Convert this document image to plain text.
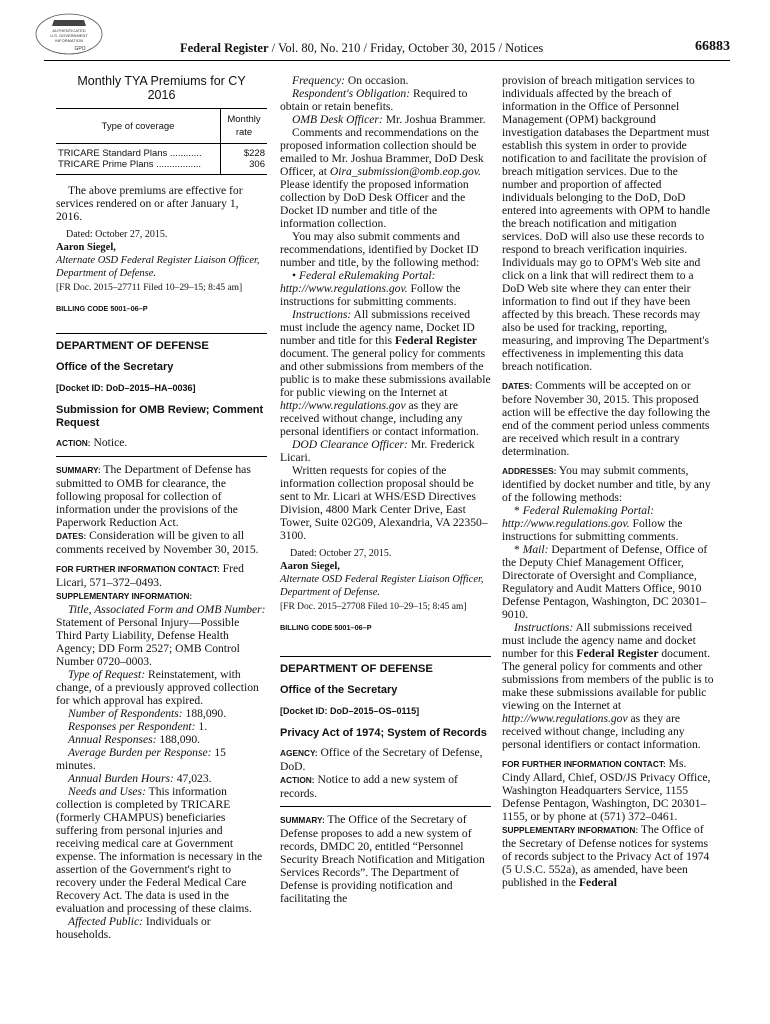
AUTHENTICATED
U.S. GOVERNMENT
INFORMATION
GPO	Federal Register / Vol. 80, No. 210 / Friday, October 30, 2015 / Notices	66883
Monthly TYA Premiums for CY
2016
Type of coverage	Monthly
rate
TRICARE Standard Plans ............	$228
TRICARE Prime Plans .................	306

The above premiums are effective for services rendered on or after January 1, 2016.

Dated: October 27, 2015.

Aaron Siegel,

Alternate OSD Federal Register Liaison Officer, Department of Defense.

[FR Doc. 2015–27711 Filed 10–29–15; 8:45 am]

BILLING CODE 5001–06–P

DEPARTMENT OF DEFENSE
Office of the Secretary
[Docket ID: DoD–2015–HA–0036]
Submission for OMB Review; Comment Request

ACTION: Notice.

SUMMARY: The Department of Defense has submitted to OMB for clearance, the following proposal for collection of information under the provisions of the Paperwork Reduction Act.

DATES: Consideration will be given to all comments received by November 30, 2015.

FOR FURTHER INFORMATION CONTACT: Fred Licari, 571–372–0493.

SUPPLEMENTARY INFORMATION:

Title, Associated Form and OMB Number: Statement of Personal Injury—Possible Third Party Liability, Defense Health Agency; DD Form 2527; OMB Control Number 0720–0003.

Type of Request: Reinstatement, with change, of a previously approved collection for which approval has expired.

Number of Respondents: 188,090.

Responses per Respondent: 1.

Annual Responses: 188,090.

Average Burden per Response: 15 minutes.

Annual Burden Hours: 47,023.

Needs and Uses: This information collection is completed by TRICARE (formerly CHAMPUS) beneficiaries suffering from personal injuries and receiving medical care at Government expense. The information is necessary in the assertion of the Government's right to recovery under the Federal Medical Care Recovery Act. The data is used in the evaluation and processing of these claims.

Affected Public: Individuals or households.

Frequency: On occasion.

Respondent's Obligation: Required to obtain or retain benefits.

OMB Desk Officer: Mr. Joshua Brammer.

Comments and recommendations on the proposed information collection should be emailed to Mr. Joshua Brammer, DoD Desk Officer, at Oira_submission@omb.eop.gov. Please identify the proposed information collection by DoD Desk Officer and the Docket ID number and title of the information collection.

You may also submit comments and recommendations, identified by Docket ID number and title, by the following method:

• Federal eRulemaking Portal: http://www.regulations.gov. Follow the instructions for submitting comments.

Instructions: All submissions received must include the agency name, Docket ID number and title for this Federal Register document. The general policy for comments and other submissions from members of the public is to make these submissions available for public viewing on the Internet at http://www.regulations.gov as they are received without change, including any personal identifiers or contact information.

DOD Clearance Officer: Mr. Frederick Licari.

Written requests for copies of the information collection proposal should be sent to Mr. Licari at WHS/ESD Directives Division, 4800 Mark Center Drive, East Tower, Suite 02G09, Alexandria, VA 22350–3100.

Dated: October 27, 2015.

Aaron Siegel,

Alternate OSD Federal Register Liaison Officer, Department of Defense.

[FR Doc. 2015–27708 Filed 10–29–15; 8:45 am]

BILLING CODE 5001–06–P

DEPARTMENT OF DEFENSE
Office of the Secretary
[Docket ID: DoD–2015–OS–0115]
Privacy Act of 1974; System of Records

AGENCY: Office of the Secretary of Defense, DoD.

ACTION: Notice to add a new system of records.

SUMMARY: The Office of the Secretary of Defense proposes to add a new system of records, DMDC 20, entitled “Personnel Security Breach Notification and Mitigation Services Records”. The Department of Defense is providing notification and facilitating the

provision of breach mitigation services to individuals affected by the breach of information in the Office of Personnel Management (OPM) background investigation databases the Department must establish this system in order to provide notification to and facilitate the provision of breach mitigation services. Due to the number and proportion of affected individuals belonging to the DoD, DoD entered into agreements with OPM to handle the breach notification and mitigation services. DoD will also use these records to respond to breach verification inquiries. Individuals may go to OPM's Web site and click on a link that will redirect them to a DoD Web site where they can enter their information to find out if they have been affected by this breach. These records may also be used for tracking, reporting, measuring, and improving The Department's effectiveness in implementing this data breach notification.

DATES: Comments will be accepted on or before November 30, 2015. This proposed action will be effective the day following the end of the comment period unless comments are received which result in a contrary determination.

ADDRESSES: You may submit comments, identified by docket number and title, by any of the following methods:

* Federal Rulemaking Portal: http://www.regulations.gov. Follow the instructions for submitting comments.

* Mail: Department of Defense, Office of the Deputy Chief Management Officer, Directorate of Oversight and Compliance, Regulatory and Audit Matters Office, 9010 Defense Pentagon, Washington, DC 20301–9010.

Instructions: All submissions received must include the agency name and docket number for this Federal Register document. The general policy for comments and other submissions from members of the public is to make these submissions available for public viewing on the Internet at http://www.regulations.gov as they are received without change, including any personal identifiers or contact information.

FOR FURTHER INFORMATION CONTACT: Ms. Cindy Allard, Chief, OSD/JS Privacy Office, Washington Headquarters Service, 1155 Defense Pentagon, Washington, DC 20301–1155, or by phone at (571) 372–0461.

SUPPLEMENTARY INFORMATION: The Office of the Secretary of Defense notices for systems of records subject to the Privacy Act of 1974 (5 U.S.C. 552a), as amended, have been published in the Federal
